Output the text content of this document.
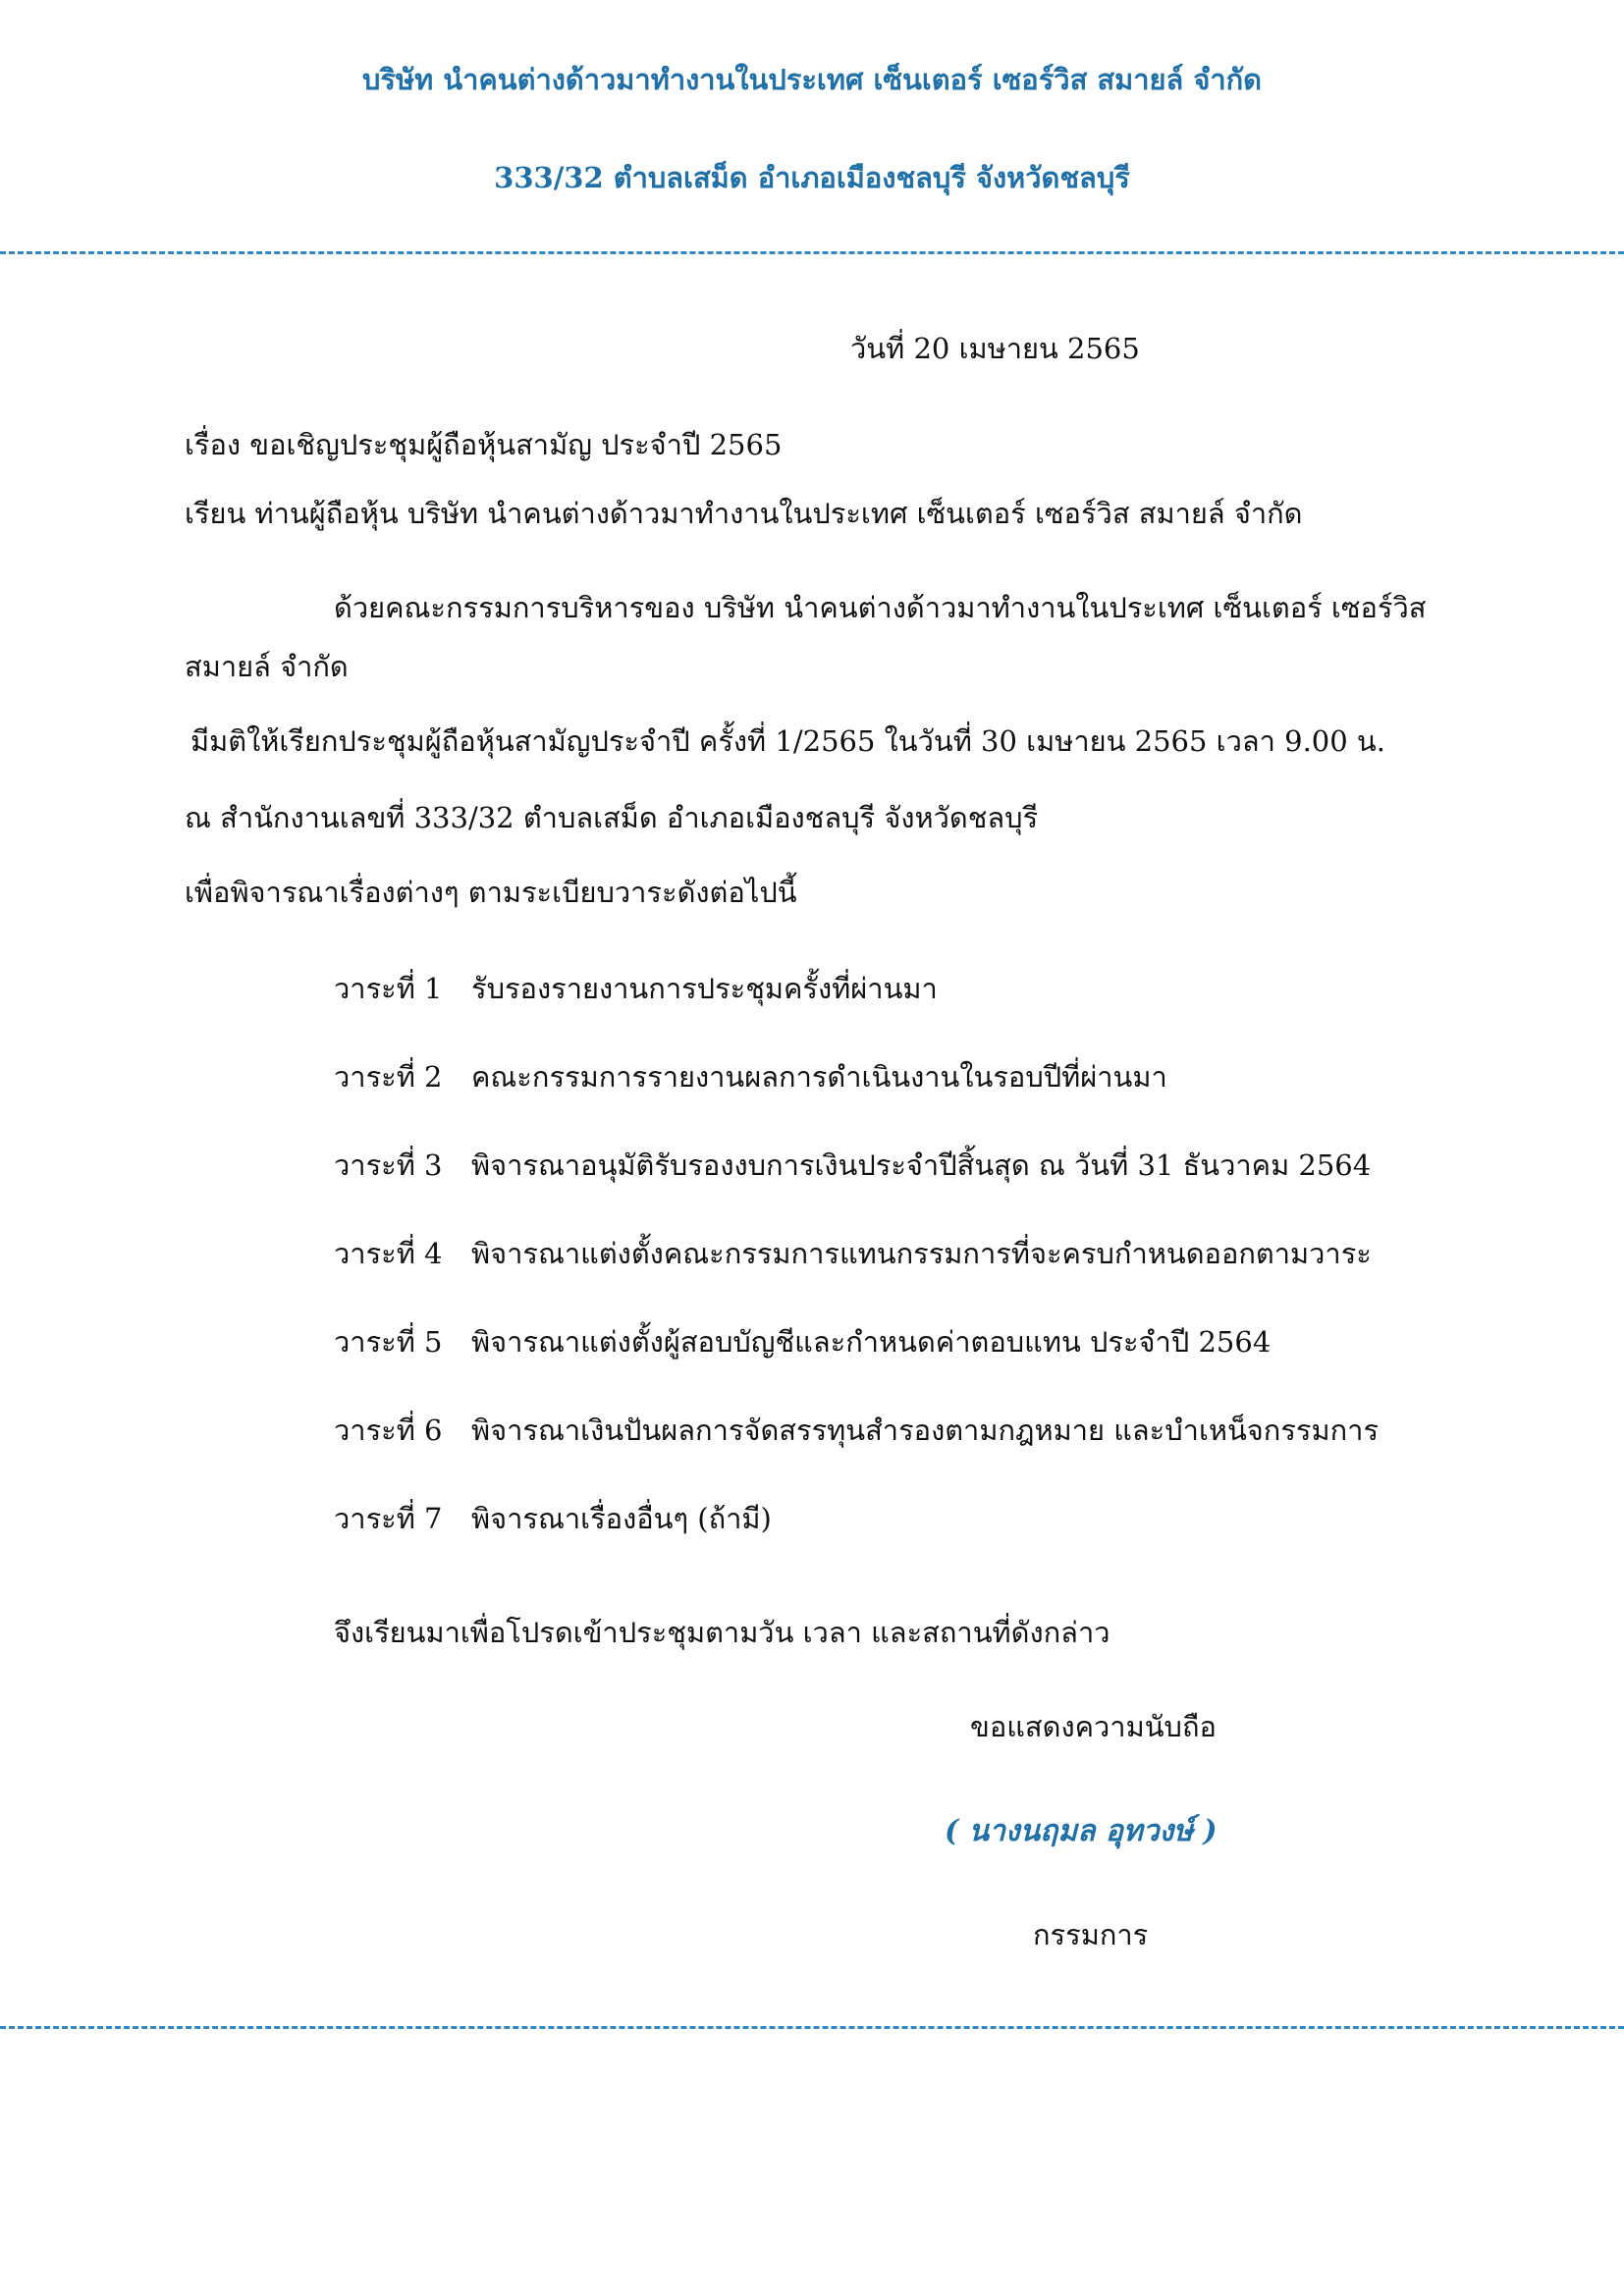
บริษัท นำคนต่างด้าวมาทำงานในประเทศ เซ็นเตอร์ เซอร์วิส สมายล์ จำกัด
333/32 ตำบลเสม็ด อำเภอเมืองชลบุรี จังหวัดชลบุรี
วันที่ 20 เมษายน 2565
เรื่อง ขอเชิญประชุมผู้ถือหุ้นสามัญ ประจำปี 2565
เรียน ท่านผู้ถือหุ้น บริษัท นำคนต่างด้าวมาทำงานในประเทศ เซ็นเตอร์ เซอร์วิส สมายล์ จำกัด
ด้วยคณะกรรมการบริหารของ บริษัท นำคนต่างด้าวมาทำงานในประเทศ เซ็นเตอร์ เซอร์วิส
สมายล์ จำกัด
มีมติให้เรียกประชุมผู้ถือหุ้นสามัญประจำปี ครั้งที่ 1/2565 ในวันที่ 30 เมษายน 2565 เวลา 9.00 น.
ณ สำนักงานเลขที่ 333/32 ตำบลเสม็ด อำเภอเมืองชลบุรี จังหวัดชลบุรี
เพื่อพิจารณาเรื่องต่างๆ ตามระเบียบวาระดังต่อไปนี้
วาระที่ 1 รับรองรายงานการประชุมครั้งที่ผ่านมา
วาระที่ 2 คณะกรรมการรายงานผลการดำเนินงานในรอบปีที่ผ่านมา
วาระที่ 3 พิจารณาอนุมัติรับรองงบการเงินประจำปีสิ้นสุด ณ วันที่ 31 ธันวาคม 2564
วาระที่ 4 พิจารณาแต่งตั้งคณะกรรมการแทนกรรมการที่จะครบกำหนดออกตามวาระ
วาระที่ 5 พิจารณาแต่งตั้งผู้สอบบัญชีและกำหนดค่าตอบแทน ประจำปี 2564
วาระที่ 6 พิจารณาเงินปันผลการจัดสรรทุนสำรองตามกฎหมาย และบำเหน็จกรรมการ
วาระที่ 7 พิจารณาเรื่องอื่นๆ (ถ้ามี)
จึงเรียนมาเพื่อโปรดเข้าประชุมตามวัน เวลา และสถานที่ดังกล่าว
ขอแสดงความนับถือ
( นางนฤมล อุทวงษ์ )
กรรมการ
